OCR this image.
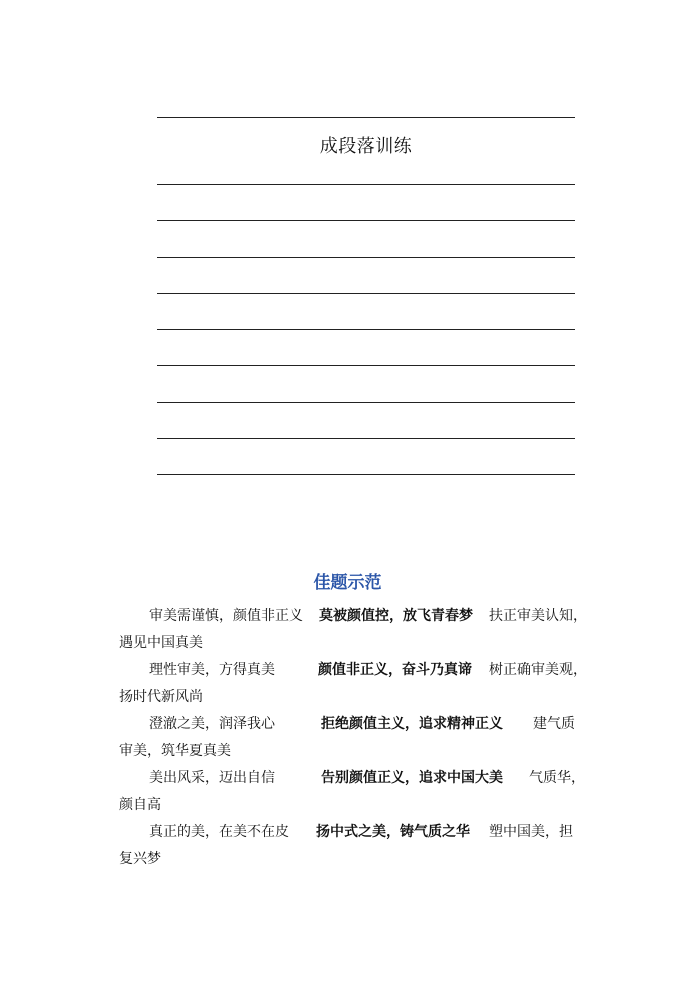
成段落训练
佳题示范
审美需谨慎，颜值非正义 莫被颜值控，放飞青春梦 扶正审美认知，
遇见中国真美
理性审美，方得真美	颜值非正义，奋斗乃真谛 树正确审美观，
扬时代新风尚
澄澈之美，润泽我心	拒绝颜值主义，追求精神正义 建气质
审美，筑华夏真美
美出风采，迈出自信	告别颜值正义，追求中国大美 气质华，
颜自高
真正的美，在美不在皮 扬中式之美，铸气质之华 塑中国美，担
复兴梦
